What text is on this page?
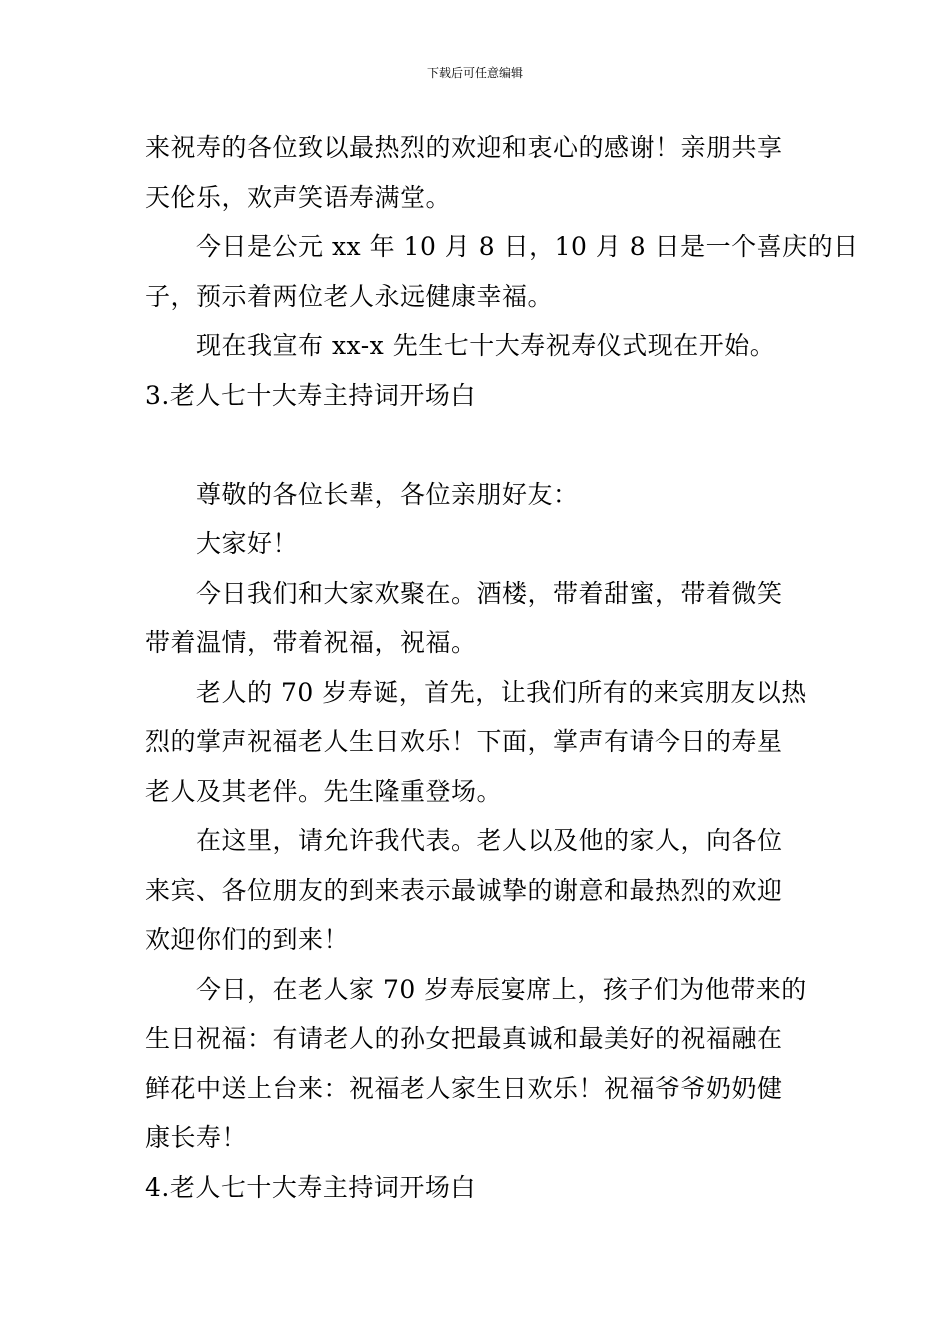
下载后可任意编辑
来祝寿的各位致以最热烈的欢迎和衷心的感谢！亲朋共享
天伦乐，欢声笑语寿满堂。
今日是公元 xx 年 10 月 8 日，10 月 8 日是一个喜庆的日
子，预示着两位老人永远健康幸福。
现在我宣布 xx-x 先生七十大寿祝寿仪式现在开始。
3.老人七十大寿主持词开场白
尊敬的各位长辈，各位亲朋好友：
大家好！
今日我们和大家欢聚在。酒楼，带着甜蜜，带着微笑
带着温情，带着祝福，祝福。
老人的 70 岁寿诞，首先，让我们所有的来宾朋友以热
烈的掌声祝福老人生日欢乐！下面，掌声有请今日的寿星
老人及其老伴。先生隆重登场。
在这里，请允许我代表。老人以及他的家人，向各位
来宾、各位朋友的到来表示最诚挚的谢意和最热烈的欢迎
欢迎你们的到来！
今日，在老人家 70 岁寿辰宴席上，孩子们为他带来的
生日祝福：有请老人的孙女把最真诚和最美好的祝福融在
鲜花中送上台来：祝福老人家生日欢乐！祝福爷爷奶奶健
康长寿！
4.老人七十大寿主持词开场白
